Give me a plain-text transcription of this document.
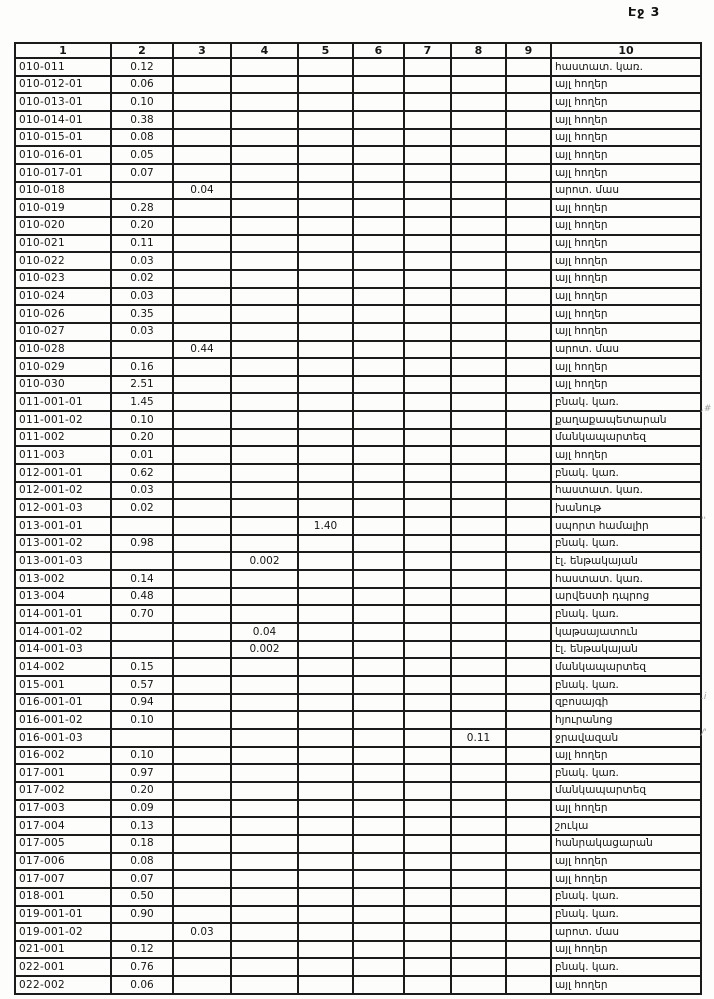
Էջ 3
1	2	3	4	5	6	7	8	9	10
010-011	0.12								հաստատ. կառ.
010-012-01	0.06								այլ հողեր
010-013-01	0.10								այլ հողեր
010-014-01	0.38								այլ հողեր
010-015-01	0.08								այլ հողեր
010-016-01	0.05								այլ հողեր
010-017-01	0.07								այլ հողեր
010-018		0.04							արոտ. մաս
010-019	0.28								այլ հողեր
010-020	0.20								այլ հողեր
010-021	0.11								այլ հողեր
010-022	0.03								այլ հողեր
010-023	0.02								այլ հողեր
010-024	0.03								այլ հողեր
010-026	0.35								այլ հողեր
010-027	0.03								այլ հողեր
010-028		0.44							արոտ. մաս
010-029	0.16								այլ հողեր
010-030	2.51								այլ հողեր
011-001-01	1.45								բնակ. կառ.
011-001-02	0.10								քաղաքապետարան
011-002	0.20								մանկապարտեզ
011-003	0.01								այլ հողեր
012-001-01	0.62								բնակ. կառ.
012-001-02	0.03								հաստատ. կառ.
012-001-03	0.02								խանութ
013-001-01				1.40					սպորտ համալիր
013-001-02	0.98								բնակ. կառ.
013-001-03			0.002						էլ. ենթակայան
013-002	0.14								հաստատ. կառ.
013-004	0.48								արվեստի դպրոց
014-001-01	0.70								բնակ. կառ.
014-001-02			0.04						կաթսայատուն
014-001-03			0.002						էլ. ենթակայան
014-002	0.15								մանկապարտեզ
015-001	0.57								բնակ. կառ.
016-001-01	0.94								զբոսայգի
016-001-02	0.10								հյուրանոց
016-001-03							0.11		ջրավազան
016-002	0.10								այլ հողեր
017-001	0.97								բնակ. կառ.
017-002	0.20								մանկապարտեզ
017-003	0.09								այլ հողեր
017-004	0.13								շուկա
017-005	0.18								հանրակացարան
017-006	0.08								այլ հողեր
017-007	0.07								այլ հողեր
018-001	0.50								բնակ. կառ.
019-001-01	0.90								բնակ. կառ.
019-001-02		0.03							արոտ. մաս
021-001	0.12								այլ հողեր
022-001	0.76								բնակ. կառ.
022-002	0.06								այլ հողեր
,#
''
.i
/'
